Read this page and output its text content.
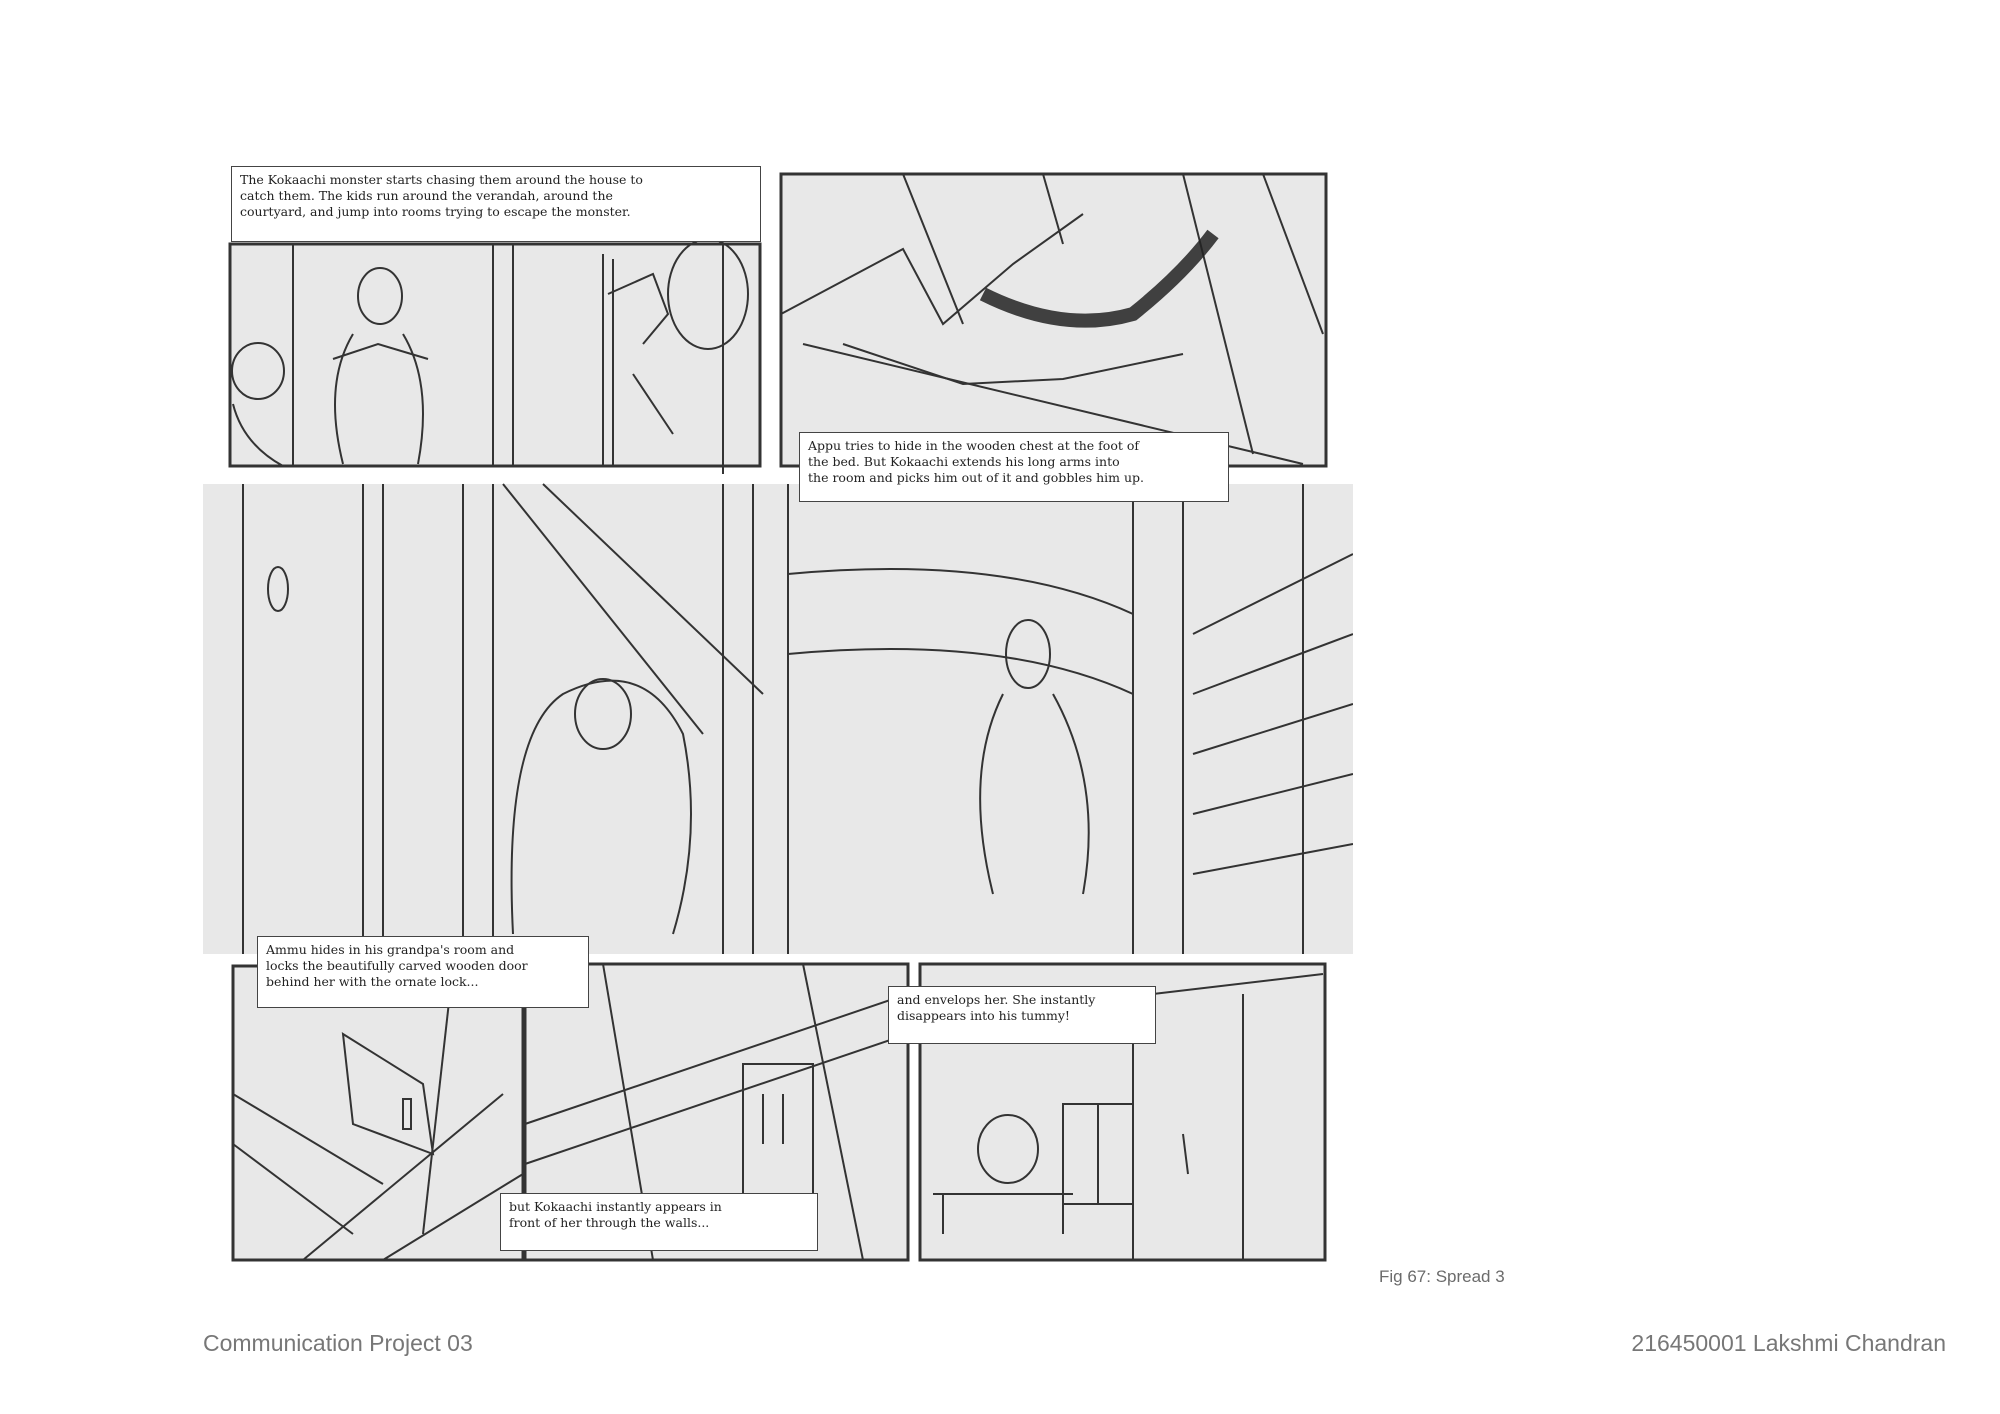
The Kokaachi monster starts chasing them around the house to
catch them. The kids run around the verandah, around the
courtyard, and jump into rooms trying to escape the monster.
Appu tries to hide in the wooden chest at the foot of
the bed. But Kokaachi extends his long arms into
the room and picks him out of it and gobbles him up.
Ammu hides in his grandpa's room and
locks the beautifully carved wooden door
behind her with the ornate lock...
but Kokaachi instantly appears in
front of her through the walls...
and envelops her. She instantly
disappears into his tummy!
Fig 67: Spread 3
Communication Project 03	216450001 Lakshmi Chandran
